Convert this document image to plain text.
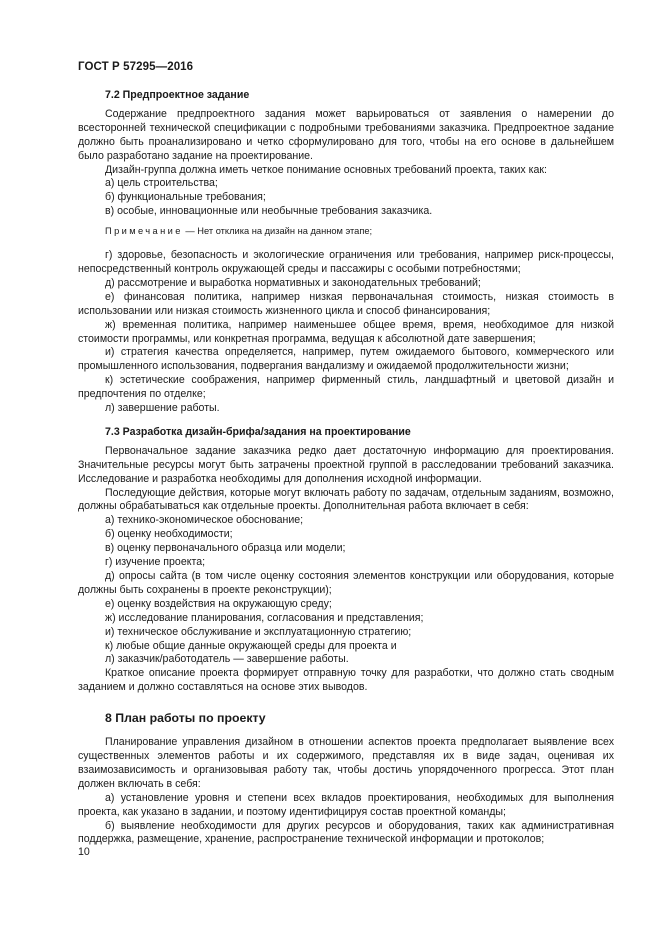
ГОСТ Р 57295—2016

7.2 Предпроектное задание

Содержание предпроектного задания может варьироваться от заявления о намерении до всесторонней технической спецификации с подробными требованиями заказчика. Предпроектное задание должно быть проанализировано и четко сформулировано для того, чтобы на его основе в дальнейшем было разработано задание на проектирование.

Дизайн-группа должна иметь четкое понимание основных требований проекта, таких как:

а) цель строительства;

б) функциональные требования;

в) особые, инновационные или необычные требования заказчика.

Примечание — Нет отклика на дизайн на данном этапе;

г) здоровье, безопасность и экологические ограничения или требования, например риск-процессы, непосредственный контроль окружающей среды и пассажиры с особыми потребностями;

д) рассмотрение и выработка нормативных и законодательных требований;

е) финансовая политика, например низкая первоначальная стоимость, низкая стоимость в использовании или низкая стоимость жизненного цикла и способ финансирования;

ж) временная политика, например наименьшее общее время, время, необходимое для низкой стоимости программы, или конкретная программа, ведущая к абсолютной дате завершения;

и) стратегия качества определяется, например, путем ожидаемого бытового, коммерческого или промышленного использования, подвергания вандализму и ожидаемой продолжительности жизни;

к) эстетические соображения, например фирменный стиль, ландшафтный и цветовой дизайн и предпочтения по отделке;

л) завершение работы.

7.3 Разработка дизайн-брифа/задания на проектирование

Первоначальное задание заказчика редко дает достаточную информацию для проектирования. Значительные ресурсы могут быть затрачены проектной группой в расследовании требований заказчика. Исследование и разработка необходимы для дополнения исходной информации.

Последующие действия, которые могут включать работу по задачам, отдельным заданиям, возможно, должны обрабатываться как отдельные проекты. Дополнительная работа включает в себя:

а) технико-экономическое обоснование;

б) оценку необходимости;

в) оценку первоначального образца или модели;

г) изучение проекта;

д) опросы сайта (в том числе оценку состояния элементов конструкции или оборудования, которые должны быть сохранены в проекте реконструкции);

е) оценку воздействия на окружающую среду;

ж) исследование планирования, согласования и представления;

и) техническое обслуживание и эксплуатационную стратегию;

к) любые общие данные окружающей среды для проекта и

л) заказчик/работодатель — завершение работы.

Краткое описание проекта формирует отправную точку для разработки, что должно стать сводным заданием и должно составляться на основе этих выводов.

8 План работы по проекту

Планирование управления дизайном в отношении аспектов проекта предполагает выявление всех существенных элементов работы и их содержимого, представляя их в виде задач, оценивая их взаимозависимость и организовывая работу так, чтобы достичь упорядоченного прогресса. Этот план должен включать в себя:

а) установление уровня и степени всех вкладов проектирования, необходимых для выполнения проекта, как указано в задании, и поэтому идентифицируя состав проектной команды;

б) выявление необходимости для других ресурсов и оборудования, таких как административная поддержка, размещение, хранение, распространение технической информации и протоколов;

10
